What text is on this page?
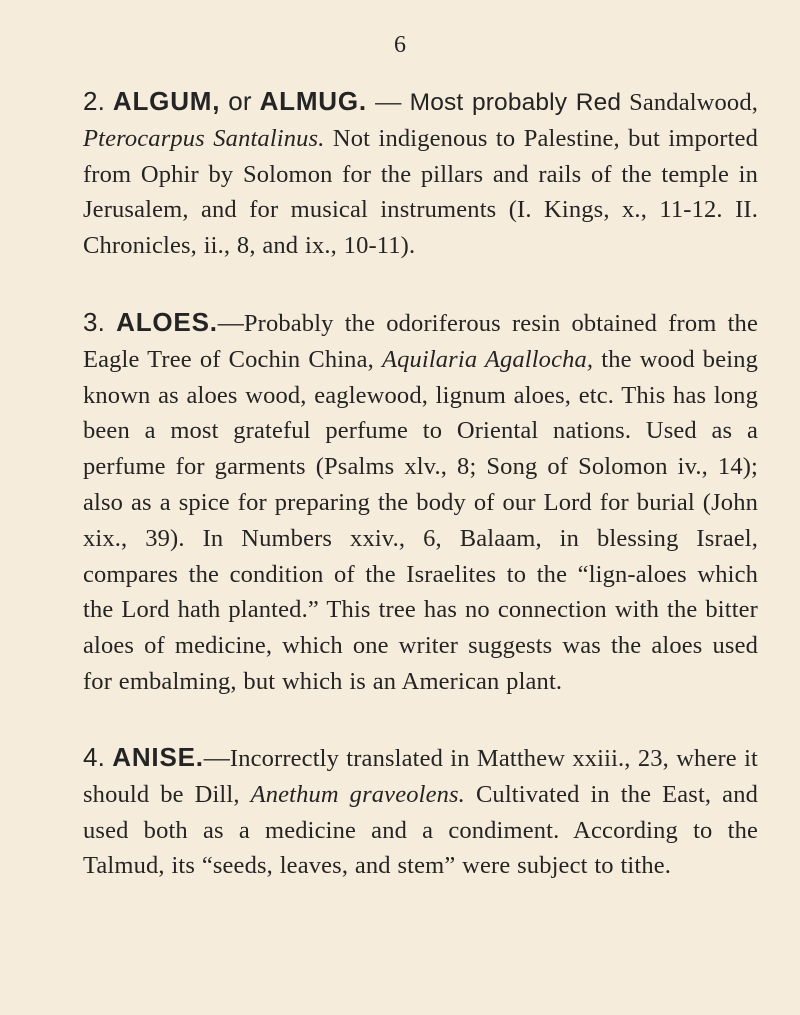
6
2. ALGUM, or ALMUG. — Most probably Red Sandalwood, Pterocarpus Santalinus. Not indigenous to Palestine, but imported from Ophir by Solomon for the pillars and rails of the temple in Jerusalem, and for musical instruments (I. Kings, x., 11-12. II. Chronicles, ii., 8, and ix., 10-11).
3. ALOES.—Probably the odoriferous resin obtained from the Eagle Tree of Cochin China, Aquilaria Agallocha, the wood being known as aloes wood, eaglewood, lignum aloes, etc. This has long been a most grateful perfume to Oriental nations. Used as a perfume for garments (Psalms xlv., 8; Song of Solomon iv., 14); also as a spice for preparing the body of our Lord for burial (John xix., 39). In Numbers xxiv., 6, Balaam, in blessing Israel, compares the condition of the Israelites to the “lign-aloes which the Lord hath planted.” This tree has no connection with the bitter aloes of medicine, which one writer suggests was the aloes used for embalming, but which is an American plant.
4. ANISE.—Incorrectly translated in Matthew xxiii., 23, where it should be Dill, Anethum graveolens. Cultivated in the East, and used both as a medicine and a condiment. According to the Talmud, its “seeds, leaves, and stem” were subject to tithe.
